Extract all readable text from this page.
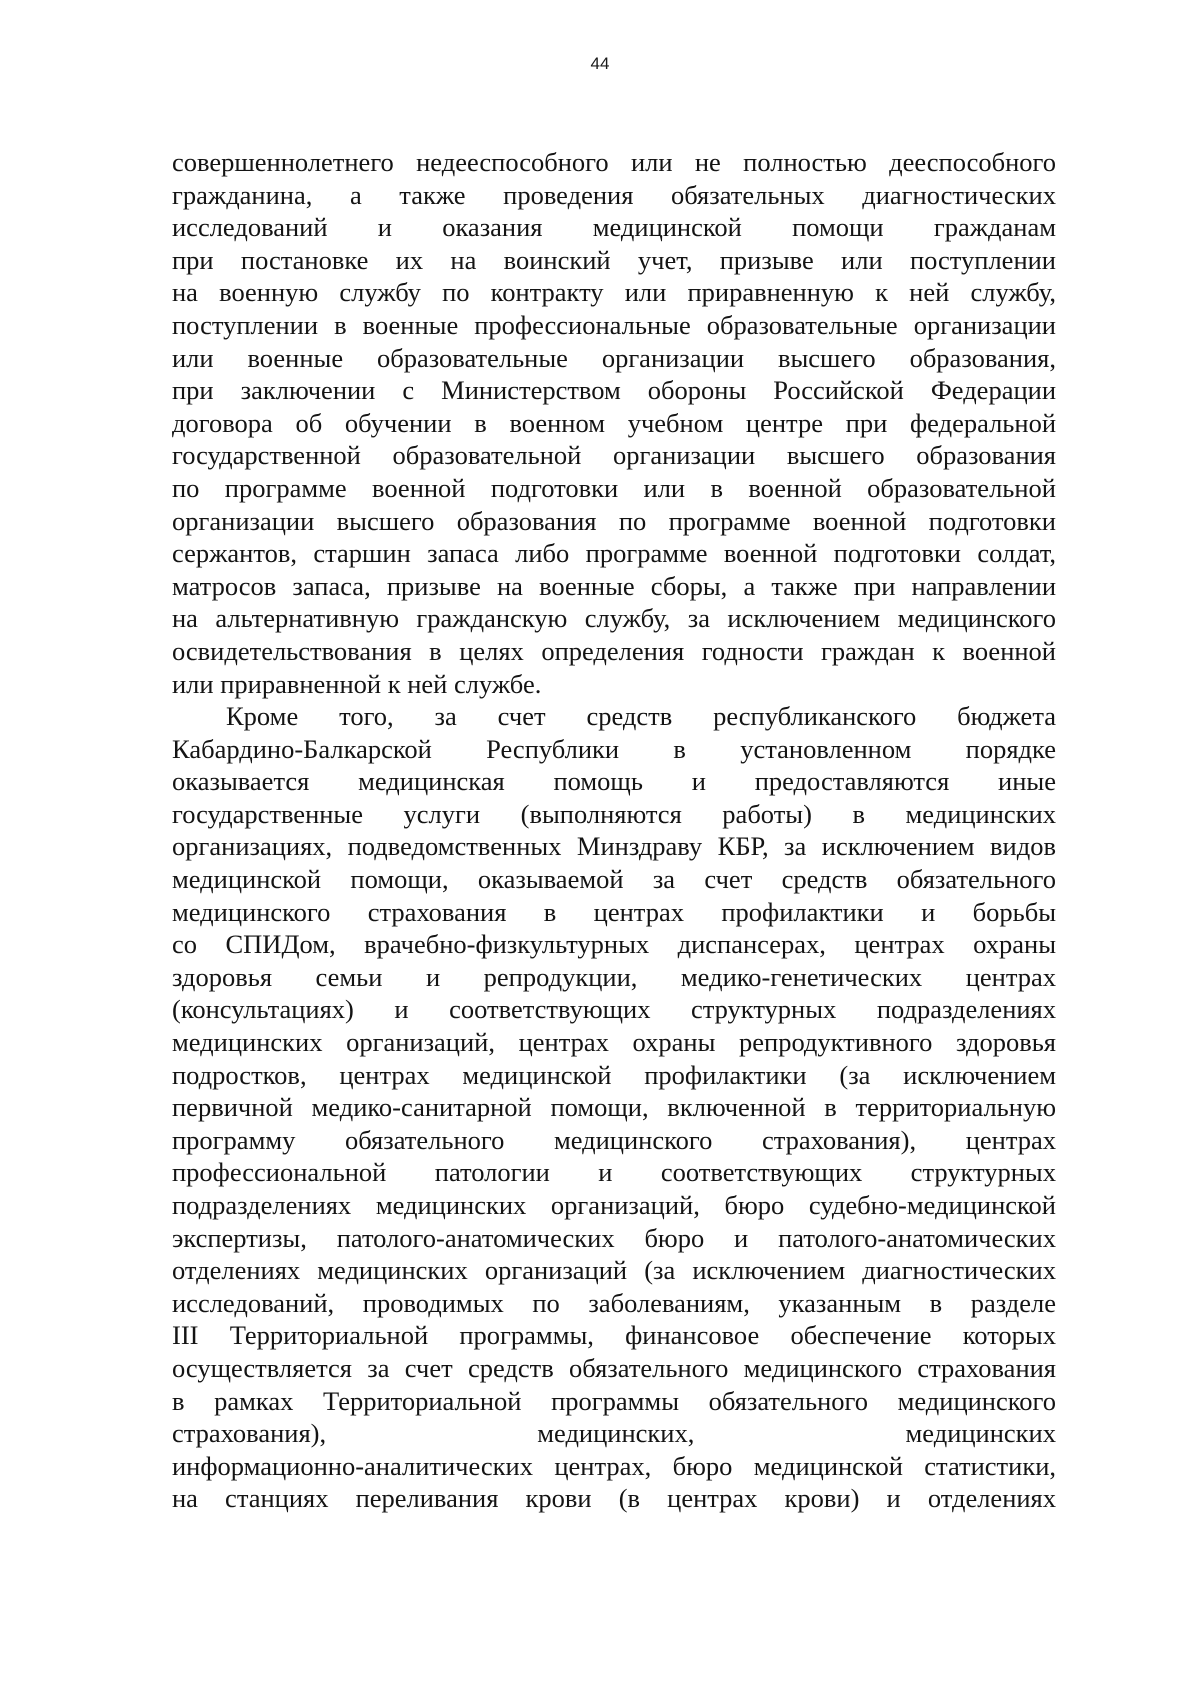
44
совершеннолетнего недееспособного или не полностью дееспособного
гражданина, а также проведения обязательных диагностических
исследований и оказания медицинской помощи гражданам
при постановке их на воинский учет, призыве или поступлении
на военную службу по контракту или приравненную к ней службу,
поступлении в военные профессиональные образовательные организации
или военные образовательные организации высшего образования,
при заключении с Министерством обороны Российской Федерации
договора об обучении в военном учебном центре при федеральной
государственной образовательной организации высшего образования
по программе военной подготовки или в военной образовательной
организации высшего образования по программе военной подготовки
сержантов, старшин запаса либо программе военной подготовки солдат,
матросов запаса, призыве на военные сборы, а также при направлении
на альтернативную гражданскую службу, за исключением медицинского
освидетельствования в целях определения годности граждан к военной
или приравненной к ней службе.
Кроме того, за счет средств республиканского бюджета
Кабардино-Балкарской Республики в установленном порядке
оказывается медицинская помощь и предоставляются иные
государственные услуги (выполняются работы) в медицинских
организациях, подведомственных Минздраву КБР, за исключением видов
медицинской помощи, оказываемой за счет средств обязательного
медицинского страхования в центрах профилактики и борьбы
со СПИДом, врачебно-физкультурных диспансерах, центрах охраны
здоровья семьи и репродукции, медико-генетических центрах
(консультациях) и соответствующих структурных подразделениях
медицинских организаций, центрах охраны репродуктивного здоровья
подростков, центрах медицинской профилактики (за исключением
первичной медико-санитарной помощи, включенной в территориальную
программу обязательного медицинского страхования), центрах
профессиональной патологии и соответствующих структурных
подразделениях медицинских организаций, бюро судебно-медицинской
экспертизы, патолого-анатомических бюро и патолого-анатомических
отделениях медицинских организаций (за исключением диагностических
исследований, проводимых по заболеваниям, указанным в разделе
III Территориальной программы, финансовое обеспечение которых
осуществляется за счет средств обязательного медицинского страхования
в рамках Территориальной программы обязательного медицинского
страхования), медицинских, медицинских
информационно-аналитических центрах, бюро медицинской статистики,
на станциях переливания крови (в центрах крови) и отделениях
